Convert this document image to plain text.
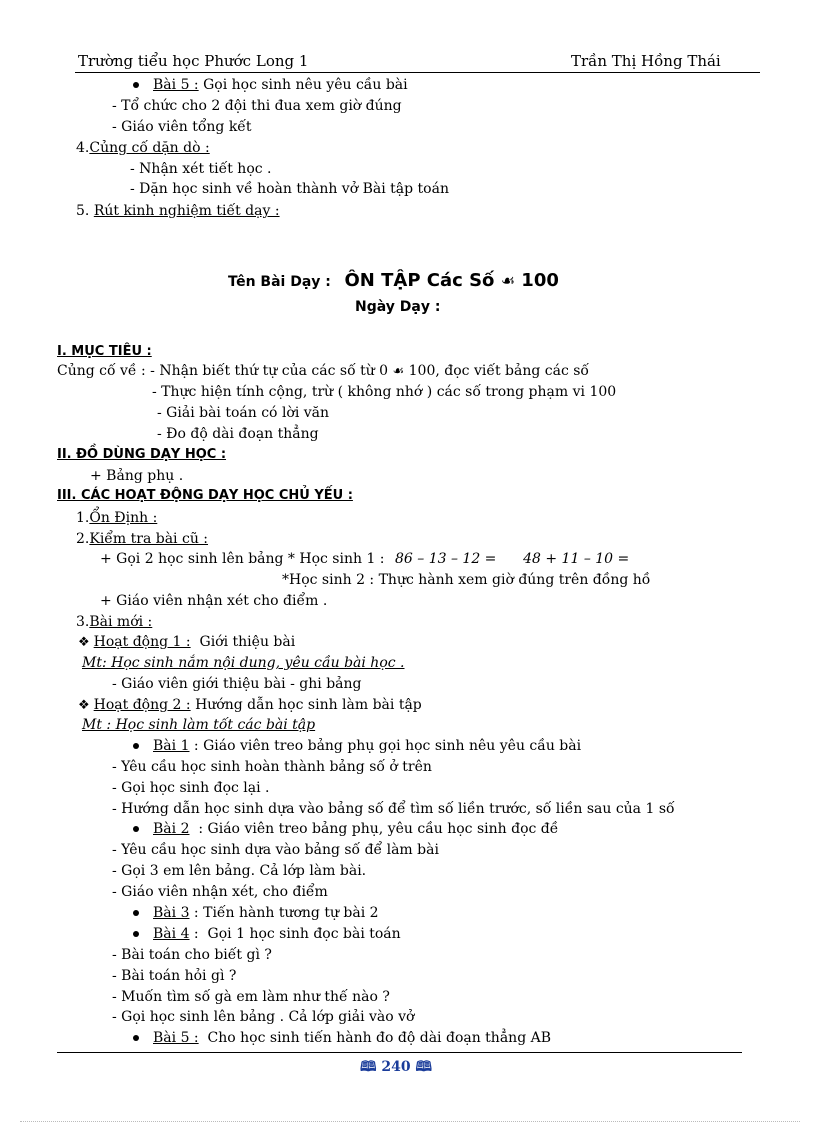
Trường tiểu học Phước Long 1	Trần Thị Hồng Thái
Bài 5 : Gọi học sinh nêu yêu cầu bài
- Tổ chức cho 2 đội thi đua xem giờ đúng
- Giáo viên tổng kết
4.Củng cố dặn dò :
- Nhận xét tiết học .
- Dặn học sinh về hoàn thành vở Bài tập toán
5. Rút kinh nghiệm tiết dạy :
Tên Bài Dạy : ÔN TẬP Các Số ☙ 100
Ngày Dạy :
I. MỤC TIÊU :
Củng cố về : - Nhận biết thứ tự của các số từ 0 ☙ 100, đọc viết bảng các số
- Thực hiện tính cộng, trừ ( không nhớ ) các số trong phạm vi 100
- Giải bài toán có lời văn
- Đo độ dài đoạn thẳng
II. ĐỒ DÙNG DẠY HỌC :
+ Bảng phụ .
III. CÁC HOẠT ĐỘNG DẠY HỌC CHỦ YẾU :
1.Ổn Định :
2.Kiểm tra bài cũ :
+ Gọi 2 học sinh lên bảng * Học sinh 1 : 86 – 13 – 12 =      48 + 11 – 10 =
*Học sinh 2 : Thực hành xem giờ đúng trên đồng hồ
+ Giáo viên nhận xét cho điểm .
3.Bài mới :
❖ Hoạt động 1 :  Giới thiệu bài
Mt: Học sinh nắm nội dung, yêu cầu bài học .
- Giáo viên giới thiệu bài - ghi bảng
❖ Hoạt động 2 : Hướng dẫn học sinh làm bài tập
Mt : Học sinh làm tốt các bài tập
Bài 1 : Giáo viên treo bảng phụ gọi học sinh nêu yêu cầu bài
- Yêu cầu học sinh hoàn thành bảng số ở trên
- Gọi học sinh đọc lại .
- Hướng dẫn học sinh dựa vào bảng số để tìm số liền trước, số liền sau của 1 số
Bài 2  : Giáo viên treo bảng phụ, yêu cầu học sinh đọc đề
- Yêu cầu học sinh dựa vào bảng số để làm bài
- Gọi 3 em lên bảng. Cả lớp làm bài.
- Giáo viên nhận xét, cho điểm
Bài 3 : Tiến hành tương tự bài 2
Bài 4 :  Gọi 1 học sinh đọc bài toán
- Bài toán cho biết gì ?
- Bài toán hỏi gì ?
- Muốn tìm số gà em làm như thế nào ?
- Gọi học sinh lên bảng . Cả lớp giải vào vở
Bài 5 :  Cho học sinh tiến hành đo độ dài đoạn thẳng AB
🕮 240 🕮
